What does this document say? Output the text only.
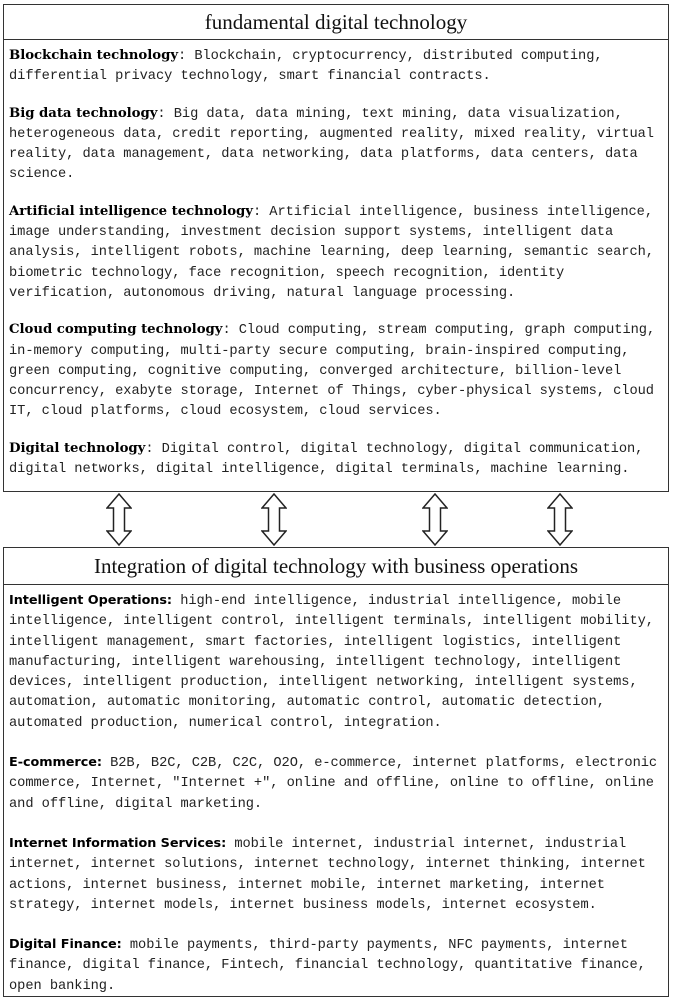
fundamental digital technology

Blockchain technology: Blockchain, cryptocurrency, distributed computing, differential privacy technology, smart financial contracts.

Big data technology: Big data, data mining, text mining, data visualization, heterogeneous data, credit reporting, augmented reality, mixed reality, virtual reality, data management, data networking, data platforms, data centers, data science.

Artificial intelligence technology: Artificial intelligence, business intelligence, image understanding, investment decision support systems, intelligent data analysis, intelligent robots, machine learning, deep learning, semantic search, biometric technology, face recognition, speech recognition, identity verification, autonomous driving, natural language processing.

Cloud computing technology: Cloud computing, stream computing, graph computing, in-memory computing, multi-party secure computing, brain-inspired computing, green computing, cognitive computing, converged architecture, billion-level concurrency, exabyte storage, Internet of Things, cyber-physical systems, cloud IT, cloud platforms, cloud ecosystem, cloud services.

Digital technology: Digital control, digital technology, digital communication, digital networks, digital intelligence, digital terminals, machine learning.

Integration of digital technology with business operations

Intelligent Operations: high-end intelligence, industrial intelligence, mobile intelligence, intelligent control, intelligent terminals, intelligent mobility, intelligent management, smart factories, intelligent logistics, intelligent manufacturing, intelligent warehousing, intelligent technology, intelligent devices, intelligent production, intelligent networking, intelligent systems, automation, automatic monitoring, automatic control, automatic detection, automated production, numerical control, integration.

E-commerce: B2B, B2C, C2B, C2C, O2O, e-commerce, internet platforms, electronic commerce, Internet, "Internet +", online and offline, online to offline, online and offline, digital marketing.

Internet Information Services: mobile internet, industrial internet, industrial internet, internet solutions, internet technology, internet thinking, internet actions, internet business, internet mobile, internet marketing, internet strategy, internet models, internet business models, internet ecosystem.

Digital Finance: mobile payments, third-party payments, NFC payments, internet finance, digital finance, Fintech, financial technology, quantitative finance, open banking.
